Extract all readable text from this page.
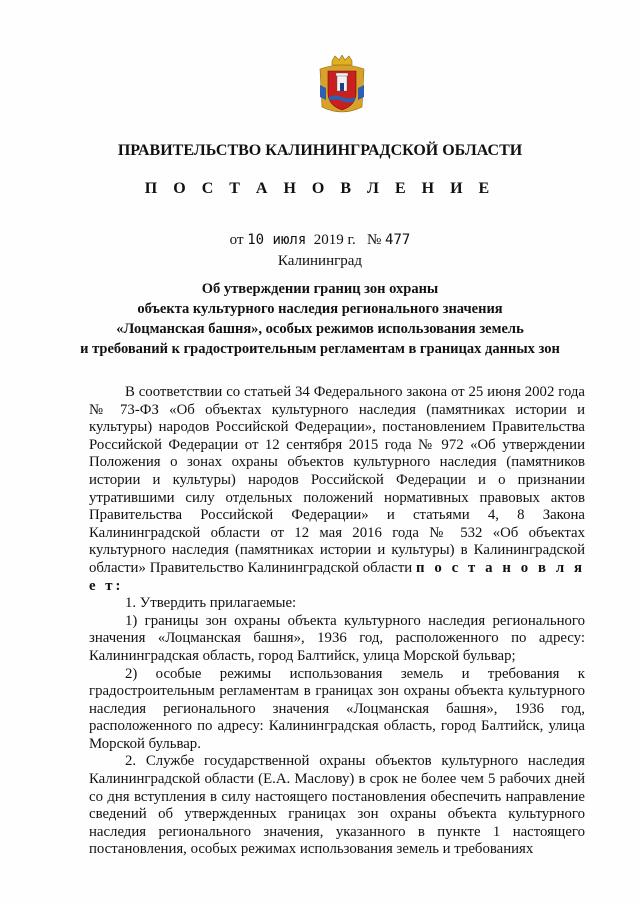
ПРАВИТЕЛЬСТВО КАЛИНИНГРАДСКОЙ ОБЛАСТИ
П О С Т А Н О В Л Е Н И Е
от 10 июля 2019 г. № 477
Калининград
Об утверждении границ зон охраны
объекта культурного наследия регионального значения
«Лоцманская башня», особых режимов использования земель
и требований к градостроительным регламентам в границах данных зон

В соответствии со статьей 34 Федерального закона от 25 июня 2002 года № 73-ФЗ «Об объектах культурного наследия (памятниках истории и культуры) народов Российской Федерации», постановлением Правительства Российской Федерации от 12 сентября 2015 года № 972 «Об утверждении Положения о зонах охраны объектов культурного наследия (памятников истории и культуры) народов Российской Федерации и о признании утратившими силу отдельных положений нормативных правовых актов Правительства Российской Федерации» и статьями 4, 8 Закона Калининградской области от 12 мая 2016 года № 532 «Об объектах культурного наследия (памятниках истории и культуры) в Калининградской области» Правительство Калининградской области п о с т а н о в л я е т:

1. Утвердить прилагаемые:

1) границы зон охраны объекта культурного наследия регионального значения «Лоцманская башня», 1936 год, расположенного по адресу: Калининградская область, город Балтийск, улица Морской бульвар;

2) особые режимы использования земель и требования к градостроительным регламентам в границах зон охраны объекта культурного наследия регионального значения «Лоцманская башня», 1936 год, расположенного по адресу: Калининградская область, город Балтийск, улица Морской бульвар.

2. Службе государственной охраны объектов культурного наследия Калининградской области (Е.А. Маслову) в срок не более чем 5 рабочих дней со дня вступления в силу настоящего постановления обеспечить направление сведений об утвержденных границах зон охраны объекта культурного наследия регионального значения, указанного в пункте 1 настоящего постановления, особых режимах использования земель и требованиях
